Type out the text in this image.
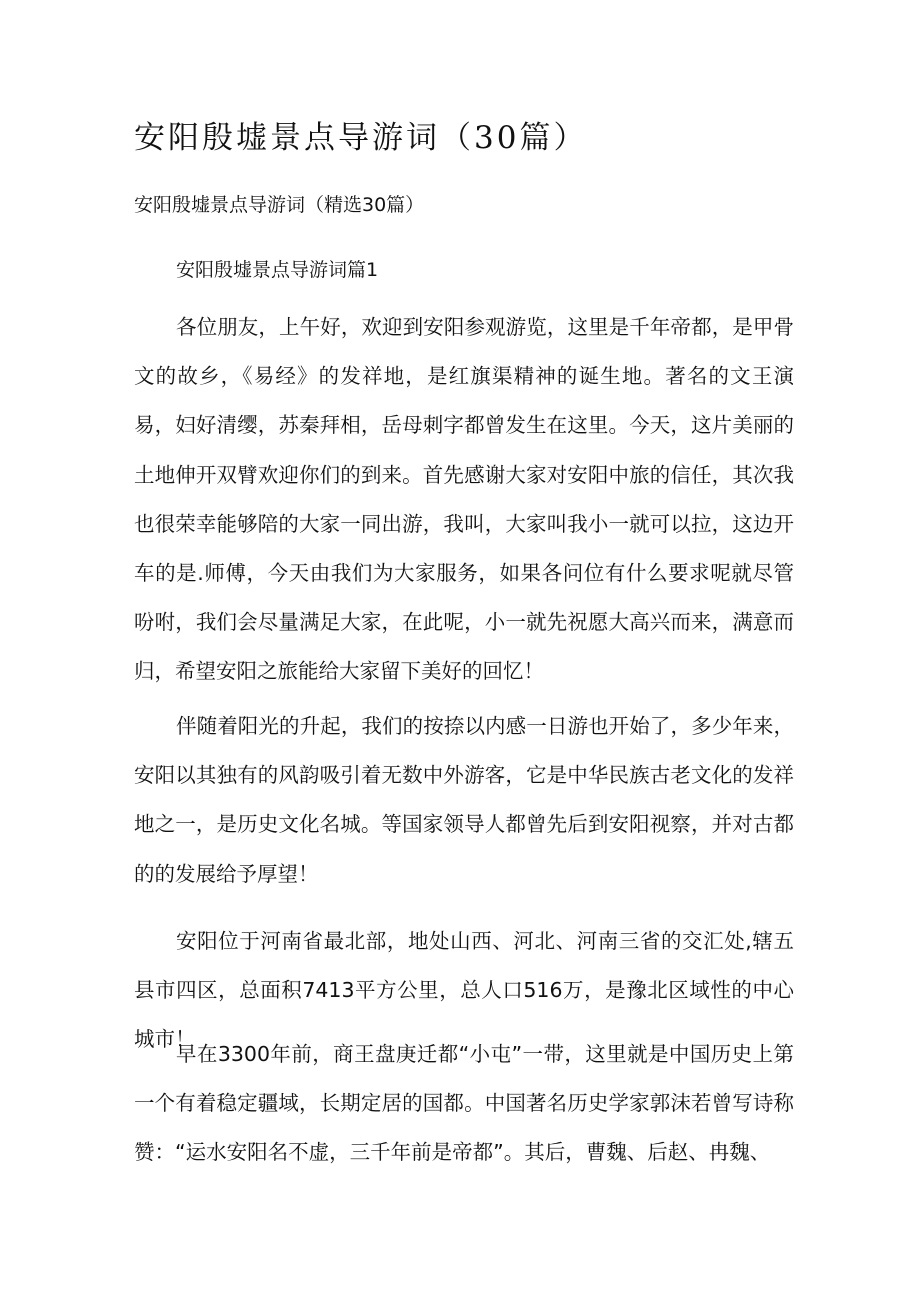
安阳殷墟景点导游词（30篇）

安阳殷墟景点导游词（精选30篇）

安阳殷墟景点导游词篇1

各位朋友，上午好，欢迎到安阳参观游览，这里是千年帝都，是甲骨文的故乡，《易经》的发祥地，是红旗渠精神的诞生地。著名的文王演易，妇好清缨，苏秦拜相，岳母刺字都曾发生在这里。今天，这片美丽的土地伸开双臂欢迎你们的到来。首先感谢大家对安阳中旅的信任，其次我也很荣幸能够陪的大家一同出游，我叫，大家叫我小一就可以拉，这边开车的是.师傅，今天由我们为大家服务，如果各问位有什么要求呢就尽管吩咐，我们会尽量满足大家，在此呢，小一就先祝愿大高兴而来，满意而归，希望安阳之旅能给大家留下美好的回忆！

伴随着阳光的升起，我们的按捺以内感一日游也开始了，多少年来，安阳以其独有的风韵吸引着无数中外游客，它是中华民族古老文化的发祥地之一，是历史文化名城。等国家领导人都曾先后到安阳视察，并对古都的的发展给予厚望！

安阳位于河南省最北部，地处山西、河北、河南三省的交汇处,辖五县市四区，总面积7413平方公里，总人口516万，是豫北区域性的中心城市！

早在3300年前，商王盘庚迁都“小屯”一带，这里就是中国历史上第一个有着稳定疆域，长期定居的国都。中国著名历史学家郭沫若曾写诗称赞：“运水安阳名不虚，三千年前是帝都”。其后，曹魏、后赵、冉魏、
